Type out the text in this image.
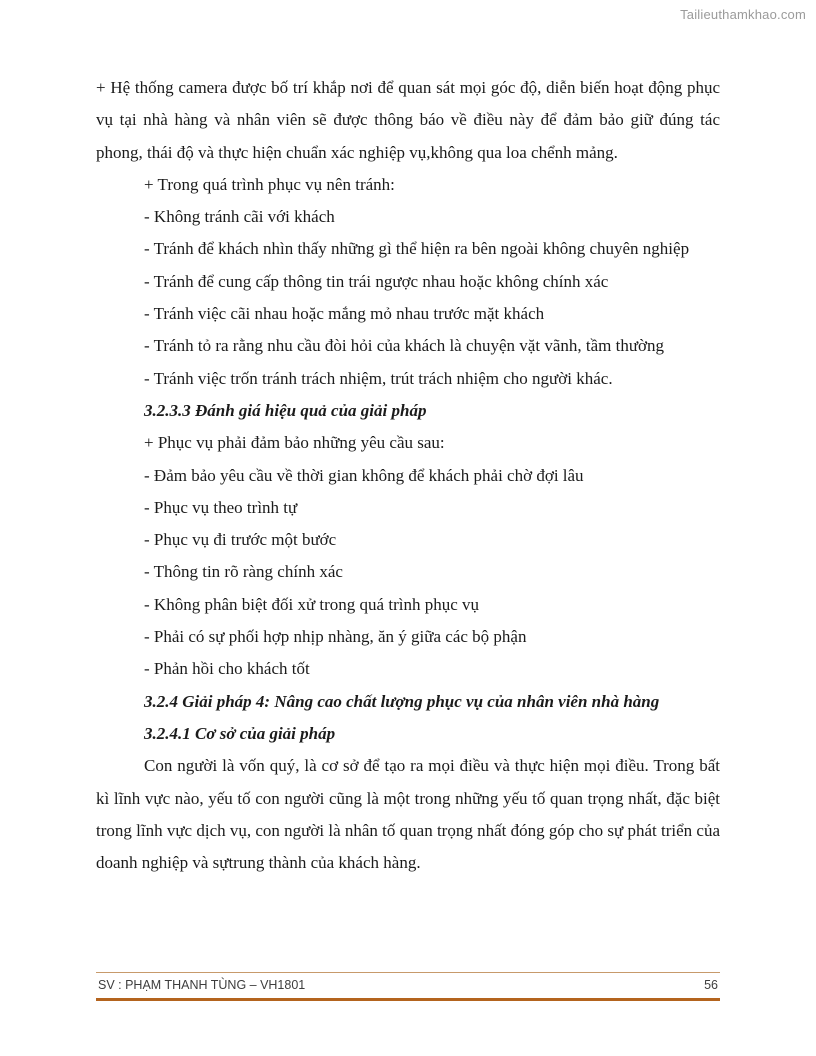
Tailieuthamkhao.com

+ Hệ thống camera được bố trí khắp nơi để quan sát mọi góc độ, diễn biến hoạt động phục vụ tại nhà hàng và nhân viên sẽ được thông báo về điều này để đảm bảo giữ đúng tác phong, thái độ và thực hiện chuẩn xác nghiệp vụ,không qua loa chểnh mảng.

+ Trong quá trình phục vụ nên tránh:

- Không tránh cãi với khách

- Tránh để khách nhìn thấy những gì thể hiện ra bên ngoài không chuyên nghiệp

- Tránh để cung cấp thông tin trái ngược nhau hoặc không chính xác

- Tránh việc cãi nhau hoặc mắng mỏ nhau trước mặt khách

- Tránh tỏ ra rằng nhu cầu đòi hỏi của khách là chuyện vặt vãnh, tầm thường

- Tránh việc trốn tránh trách nhiệm, trút trách nhiệm cho người khác.

3.2.3.3 Đánh giá hiệu quả của giải pháp

+ Phục vụ phải đảm bảo những yêu cầu sau:

- Đảm bảo yêu cầu về thời gian không để khách phải chờ đợi lâu

- Phục vụ theo trình tự

- Phục vụ đi trước một bước

- Thông tin rõ ràng chính xác

- Không phân biệt đối xử trong quá trình phục vụ

- Phải có sự phối hợp nhịp nhàng, ăn ý giữa các bộ phận

- Phản hồi cho khách tốt

3.2.4 Giải pháp 4: Nâng cao chất lượng phục vụ của nhân viên nhà hàng

3.2.4.1 Cơ sở của giải pháp

Con người là vốn quý, là cơ sở để tạo ra mọi điều và thực hiện mọi điều. Trong bất kì lĩnh vực nào, yếu tố con người cũng là một trong những yếu tố quan trọng nhất, đặc biệt trong lĩnh vực dịch vụ, con người là nhân tố quan trọng nhất đóng góp cho sự phát triển của doanh nghiệp và sựtrung thành của khách hàng.

SV : PHẠM THANH TÙNG – VH1801	56
